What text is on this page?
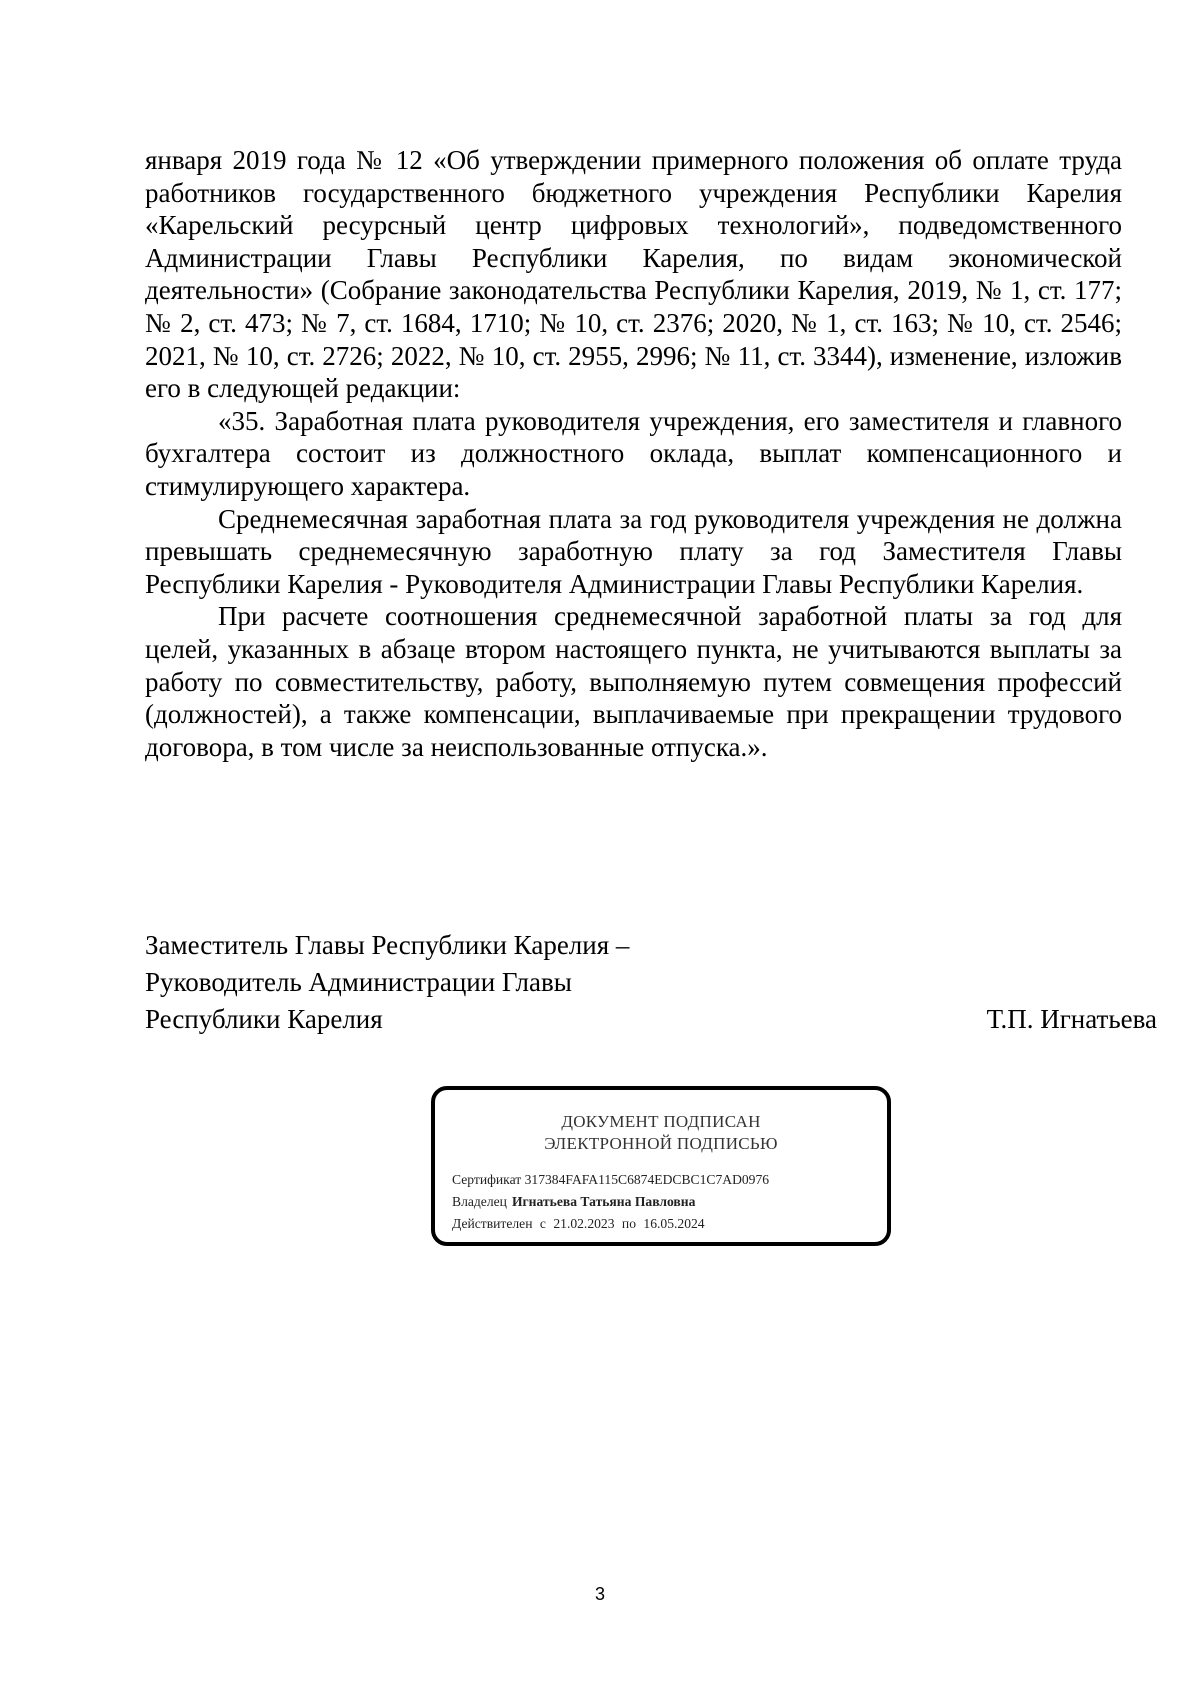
января 2019 года № 12 «Об утверждении примерного положения об оплате труда работников государственного бюджетного учреждения Республики Карелия «Карельский ресурсный центр цифровых технологий», подведомственного Администрации Главы Республики Карелия, по видам экономической деятельности» (Собрание законодательства Республики Карелия, 2019, № 1, ст. 177; № 2, ст. 473; № 7, ст. 1684, 1710; № 10, ст. 2376; 2020, № 1, ст. 163; № 10, ст. 2546; 2021, № 10, ст. 2726; 2022, № 10, ст. 2955, 2996; № 11, ст. 3344), изменение, изложив его в следующей редакции:

«35. Заработная плата руководителя учреждения, его заместителя и главного бухгалтера состоит из должностного оклада, выплат компенсационного и стимулирующего характера.

Среднемесячная заработная плата за год руководителя учреждения не должна превышать среднемесячную заработную плату за год Заместителя Главы Республики Карелия - Руководителя Администрации Главы Республики Карелия.

При расчете соотношения среднемесячной заработной платы за год для целей, указанных в абзаце втором настоящего пункта, не учитываются выплаты за работу по совместительству, работу, выполняемую путем совмещения профессий (должностей), а также компенсации, выплачиваемые при прекращении трудового договора, в том числе за неиспользованные отпуска.».

Заместитель Главы Республики Карелия –
Руководитель Администрации Главы
Республики Карелия	Т.П. Игнатьева
ДОКУМЕНТ ПОДПИСАН
ЭЛЕКТРОННОЙ ПОДПИСЬЮ
Сертификат 317384FAFA115C6874EDCBC1C7AD0976
Владелец Игнатьева Татьяна Павловна
Действителен с 21.02.2023 по 16.05.2024
3
